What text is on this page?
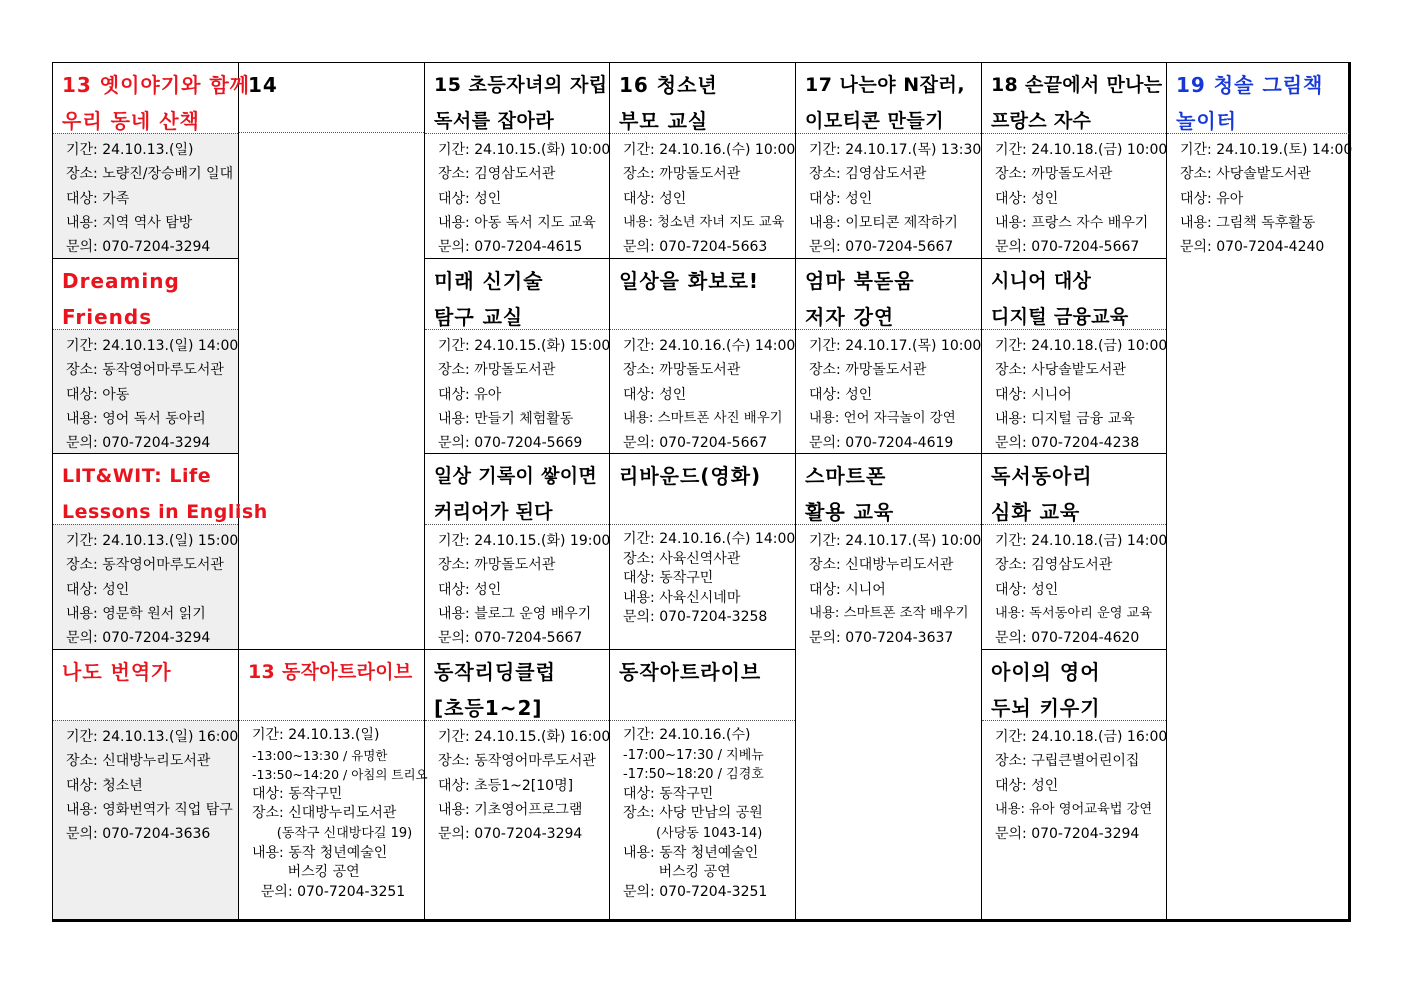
13 옛이야기와 함께
우리 동네 산책
기간: 24.10.13.(일)
장소: 노량진/장승배기 일대
대상: 가족
내용: 지역 역사 탐방
문의: 070-7204-3294
Dreaming
Friends
기간: 24.10.13.(일) 14:00
장소: 동작영어마루도서관
대상: 아동
내용: 영어 독서 동아리
문의: 070-7204-3294
LIT&WIT: Life
Lessons in English
기간: 24.10.13.(일) 15:00
장소: 동작영어마루도서관
대상: 성인
내용: 영문학 원서 읽기
문의: 070-7204-3294
나도 번역가
기간: 24.10.13.(일) 16:00
장소: 신대방누리도서관
대상: 청소년
내용: 영화번역가 직업 탐구
문의: 070-7204-3636
14
13 동작아트라이브
기간: 24.10.13.(일)
-13:00~13:30 / 유명한
-13:50~14:20 / 아침의 트리오
대상: 동작구민
장소: 신대방누리도서관
(동작구 신대방다길 19)
내용: 동작 청년예술인
버스킹 공연
문의: 070-7204-3251
15 초등자녀의 자립
독서를 잡아라
기간: 24.10.15.(화) 10:00
장소: 김영삼도서관
대상: 성인
내용: 아동 독서 지도 교육
문의: 070-7204-4615
미래 신기술
탐구 교실
기간: 24.10.15.(화) 15:00
장소: 까망돌도서관
대상: 유아
내용: 만들기 체험활동
문의: 070-7204-5669
일상 기록이 쌓이면
커리어가 된다
기간: 24.10.15.(화) 19:00
장소: 까망돌도서관
대상: 성인
내용: 블로그 운영 배우기
문의: 070-7204-5667
동작리딩클럽
[초등1~2]
기간: 24.10.15.(화) 16:00
장소: 동작영어마루도서관
대상: 초등1~2[10명]
내용: 기초영어프로그램
문의: 070-7204-3294
16 청소년
부모 교실
기간: 24.10.16.(수) 10:00
장소: 까망돌도서관
대상: 성인
내용: 청소년 자녀 지도 교육
문의: 070-7204-5663
일상을 화보로!
기간: 24.10.16.(수) 14:00
장소: 까망돌도서관
대상: 성인
내용: 스마트폰 사진 배우기
문의: 070-7204-5667
리바운드(영화)
기간: 24.10.16.(수) 14:00
장소: 사육신역사관
대상: 동작구민
내용: 사육신시네마
문의: 070-7204-3258
동작아트라이브
기간: 24.10.16.(수)
-17:00~17:30 / 지베뉴
-17:50~18:20 / 김경호
대상: 동작구민
장소: 사당 만남의 공원
(사당동 1043-14)
내용: 동작 청년예술인
버스킹 공연
문의: 070-7204-3251
17 나는야 N잡러,
이모티콘 만들기
기간: 24.10.17.(목) 13:30
장소: 김영삼도서관
대상: 성인
내용: 이모티콘 제작하기
문의: 070-7204-5667
엄마 북돋움
저자 강연
기간: 24.10.17.(목) 10:00
장소: 까망돌도서관
대상: 성인
내용: 언어 자극놀이 강연
문의: 070-7204-4619
스마트폰
활용 교육
기간: 24.10.17.(목) 10:00
장소: 신대방누리도서관
대상: 시니어
내용: 스마트폰 조작 배우기
문의: 070-7204-3637
18 손끝에서 만나는
프랑스 자수
기간: 24.10.18.(금) 10:00
장소: 까망돌도서관
대상: 성인
내용: 프랑스 자수 배우기
문의: 070-7204-5667
시니어 대상
디지털 금융교육
기간: 24.10.18.(금) 10:00
장소: 사당솔밭도서관
대상: 시니어
내용: 디지털 금융 교육
문의: 070-7204-4238
독서동아리
심화 교육
기간: 24.10.18.(금) 14:00
장소: 김영삼도서관
대상: 성인
내용: 독서동아리 운영 교육
문의: 070-7204-4620
아이의 영어
두뇌 키우기
기간: 24.10.18.(금) 16:00
장소: 구립큰별어린이집
대상: 성인
내용: 유아 영어교육법 강연
문의: 070-7204-3294
19 청솔 그림책
놀이터
기간: 24.10.19.(토) 14:00
장소: 사당솔밭도서관
대상: 유아
내용: 그림책 독후활동
문의: 070-7204-4240
